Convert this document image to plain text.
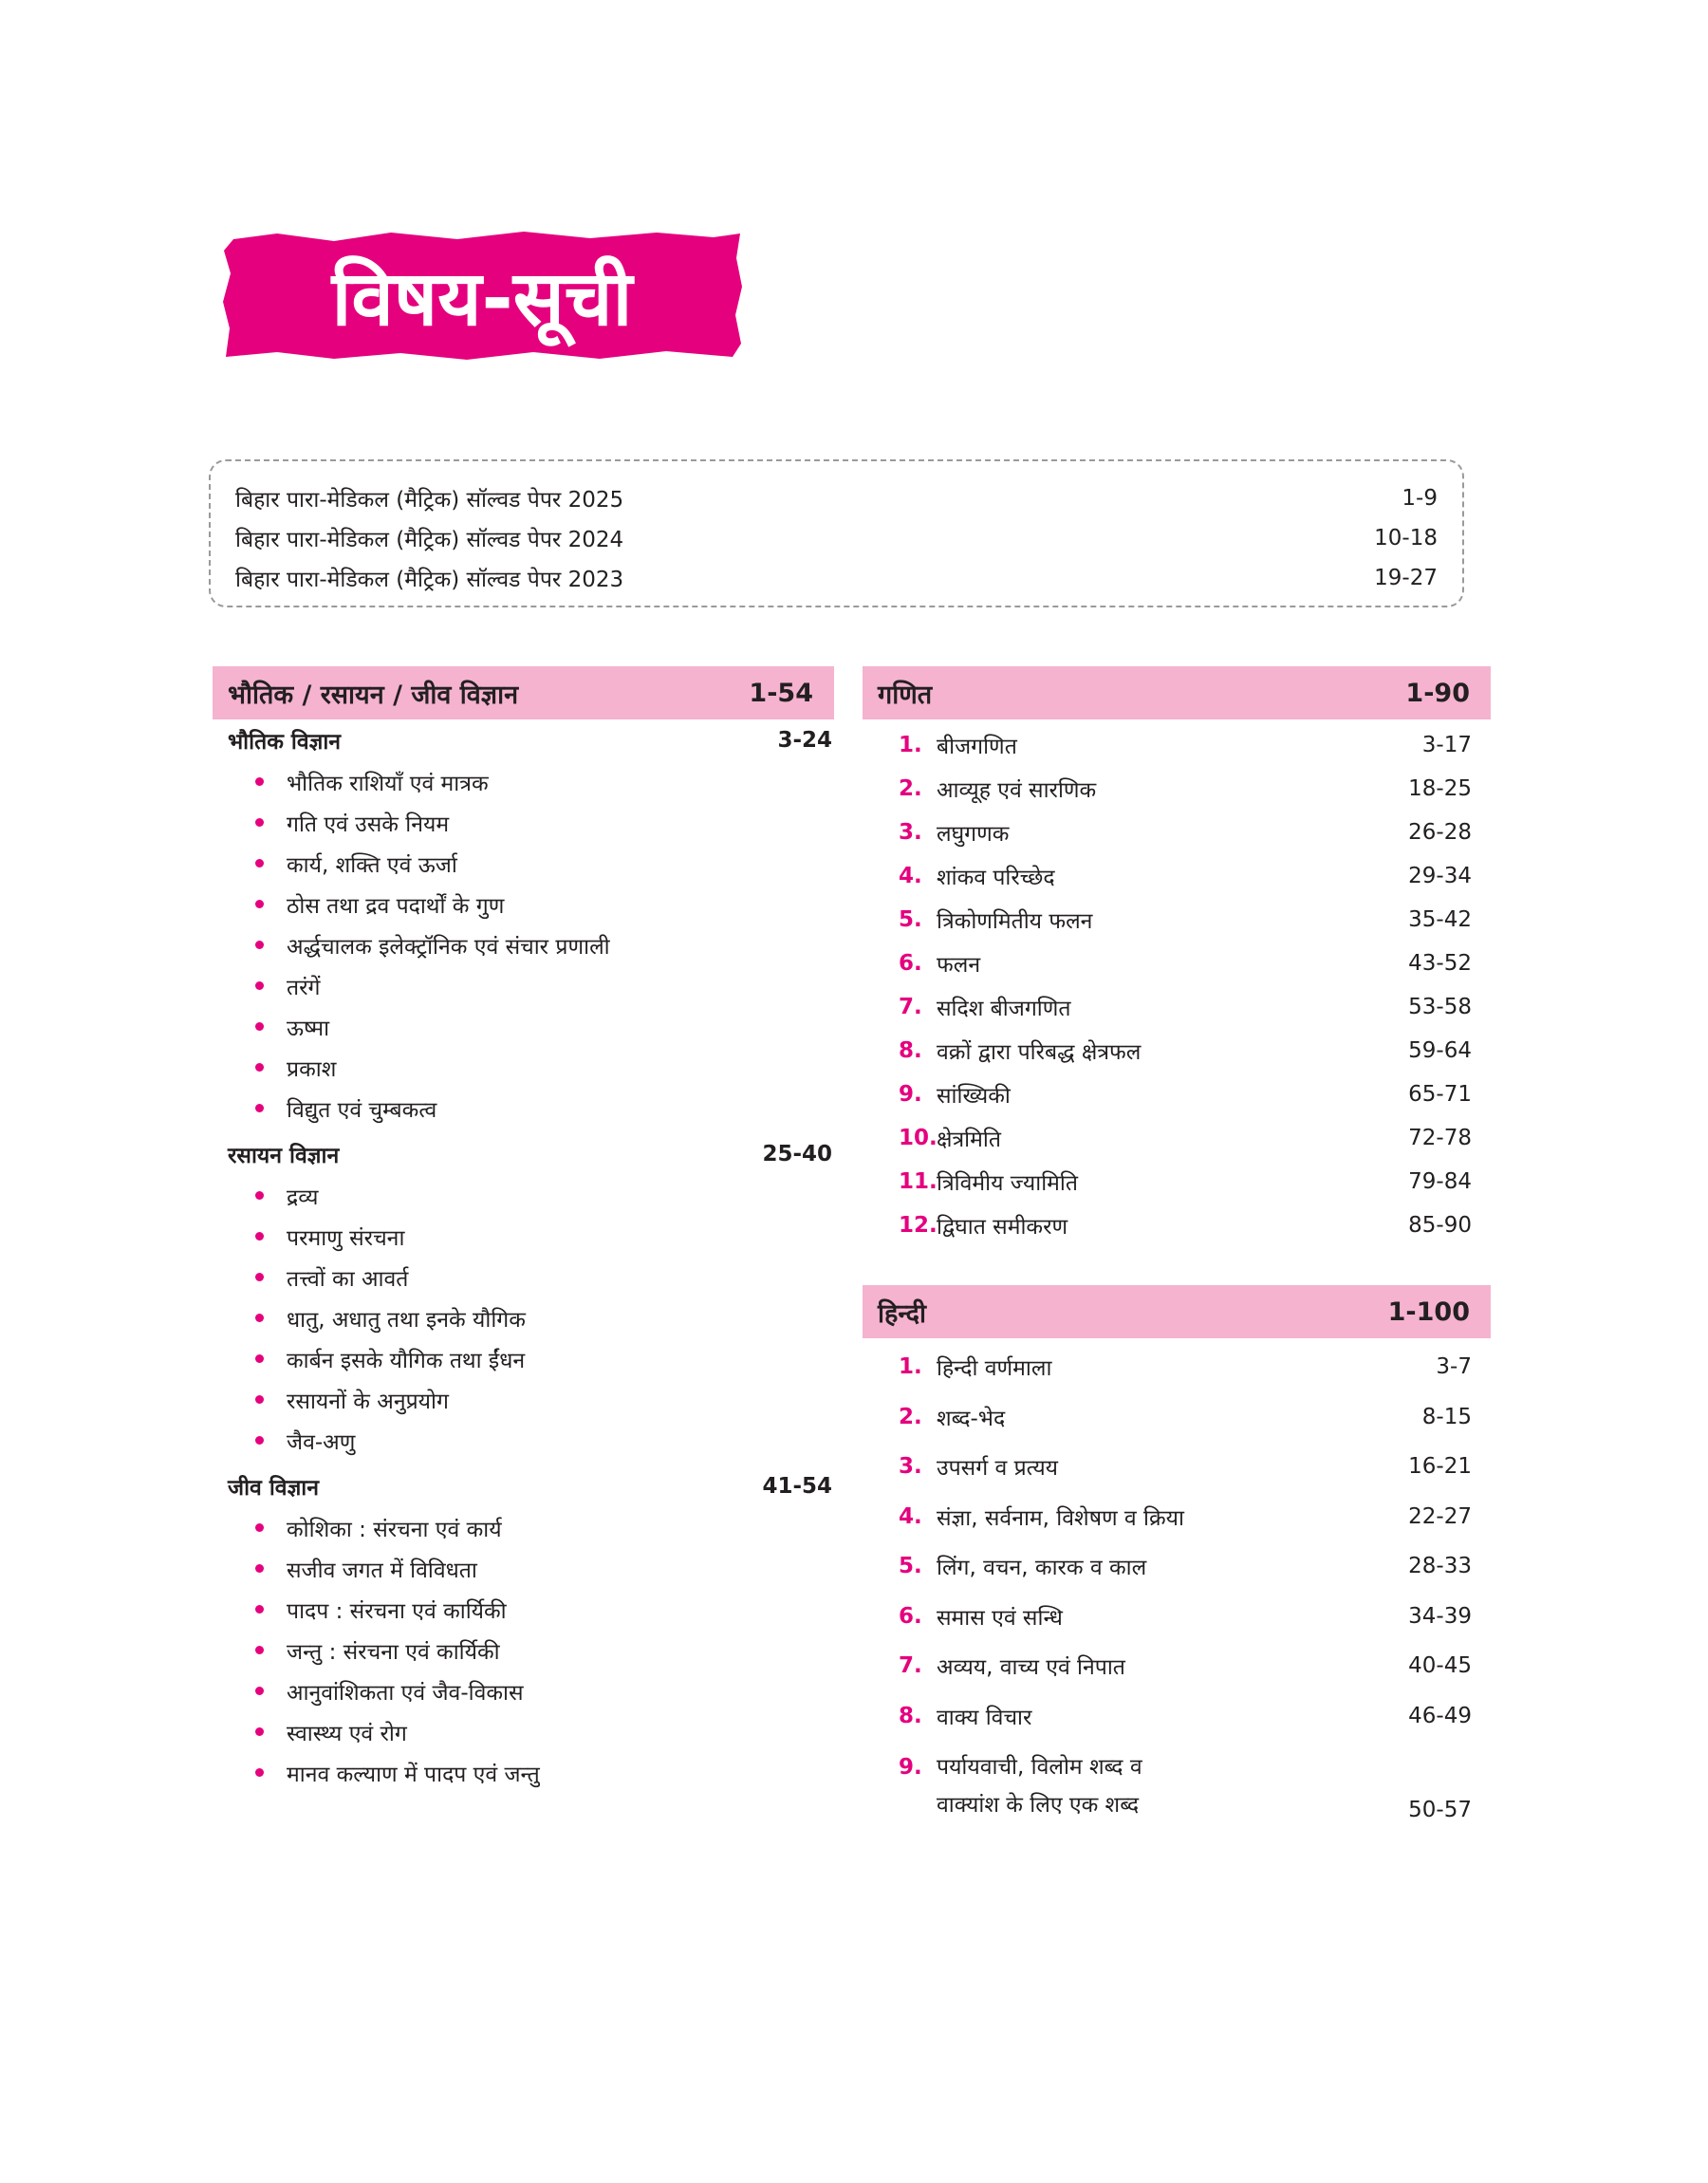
विषय-सूची
बिहार पारा-मेडिकल (मैट्रिक) सॉल्वड पेपर 2025	1-9
बिहार पारा-मेडिकल (मैट्रिक) सॉल्वड पेपर 2024	10-18
बिहार पारा-मेडिकल (मैट्रिक) सॉल्वड पेपर 2023	19-27
भौतिक / रसायन / जीव विज्ञान	1-54
भौतिक विज्ञान	3-24
भौतिक राशियाँ एवं मात्रक
गति एवं उसके नियम
कार्य, शक्ति एवं ऊर्जा
ठोस तथा द्रव पदार्थों के गुण
अर्द्धचालक इलेक्ट्रॉनिक एवं संचार प्रणाली
तरंगें
ऊष्मा
प्रकाश
विद्युत एवं चुम्बकत्व
रसायन विज्ञान	25-40
द्रव्य
परमाणु संरचना
तत्त्वों का आवर्त
धातु, अधातु तथा इनके यौगिक
कार्बन इसके यौगिक तथा ईंधन
रसायनों के अनुप्रयोग
जैव-अणु
जीव विज्ञान	41-54
कोशिका : संरचना एवं कार्य
सजीव जगत में विविधता
पादप : संरचना एवं कार्यिकी
जन्तु : संरचना एवं कार्यिकी
आनुवांशिकता एवं जैव-विकास
स्वास्थ्य एवं रोग
मानव कल्याण में पादप एवं जन्तु
गणित	1-90
1. बीजगणित	3-17
2. आव्यूह एवं सारणिक	18-25
3. लघुगणक	26-28
4. शांकव परिच्छेद	29-34
5. त्रिकोणमितीय फलन	35-42
6. फलन	43-52
7. सदिश बीजगणित	53-58
8. वक्रों द्वारा परिबद्ध क्षेत्रफल	59-64
9. सांख्यिकी	65-71
10. क्षेत्रमिति	72-78
11. त्रिविमीय ज्यामिति	79-84
12. द्विघात समीकरण	85-90
हिन्दी	1-100
1. हिन्दी वर्णमाला	3-7
2. शब्द-भेद	8-15
3. उपसर्ग व प्रत्यय	16-21
4. संज्ञा, सर्वनाम, विशेषण व क्रिया	22-27
5. लिंग, वचन, कारक व काल	28-33
6. समास एवं सन्धि	34-39
7. अव्यय, वाच्य एवं निपात	40-45
8. वाक्य विचार	46-49
9. पर्यायवाची, विलोम शब्द व
वाक्यांश के लिए एक शब्द	50-57
